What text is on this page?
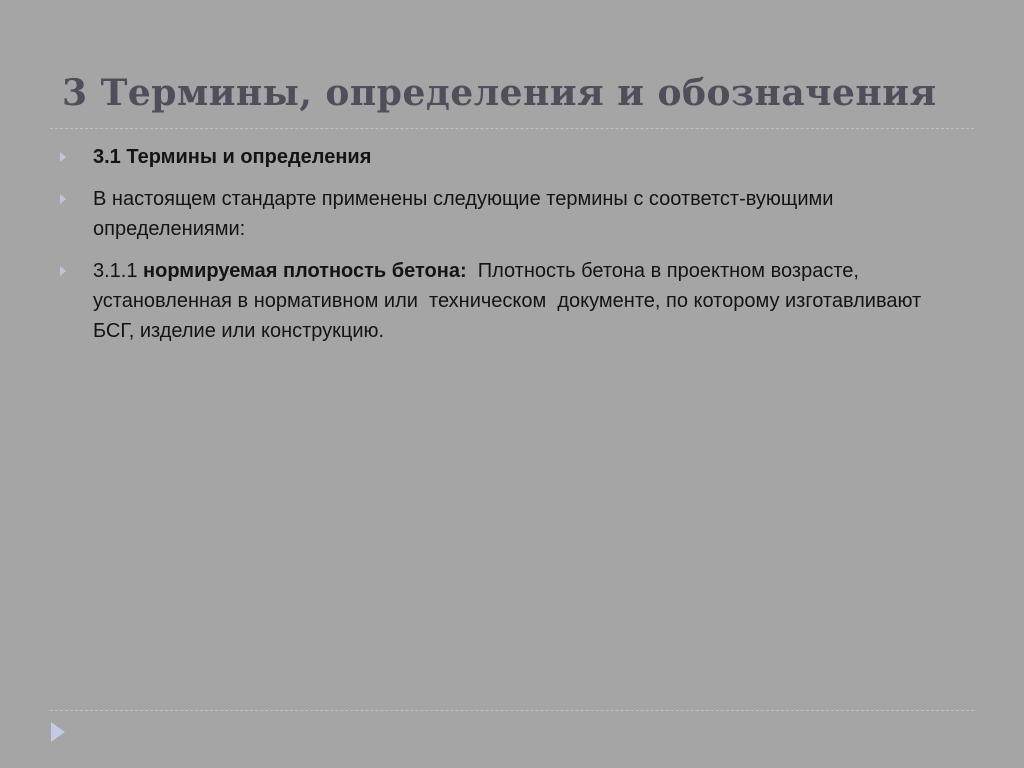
3 Термины, определения и обозначения
3.1 Термины и определения
В настоящем стандарте применены следующие термины с соответст-вующими определениями:
3.1.1 нормируемая плотность бетона:  Плотность бетона в проектном возрасте, установленная в нормативном или  техническом  документе, по которому изготавливают  БСГ, изделие или конструкцию.
